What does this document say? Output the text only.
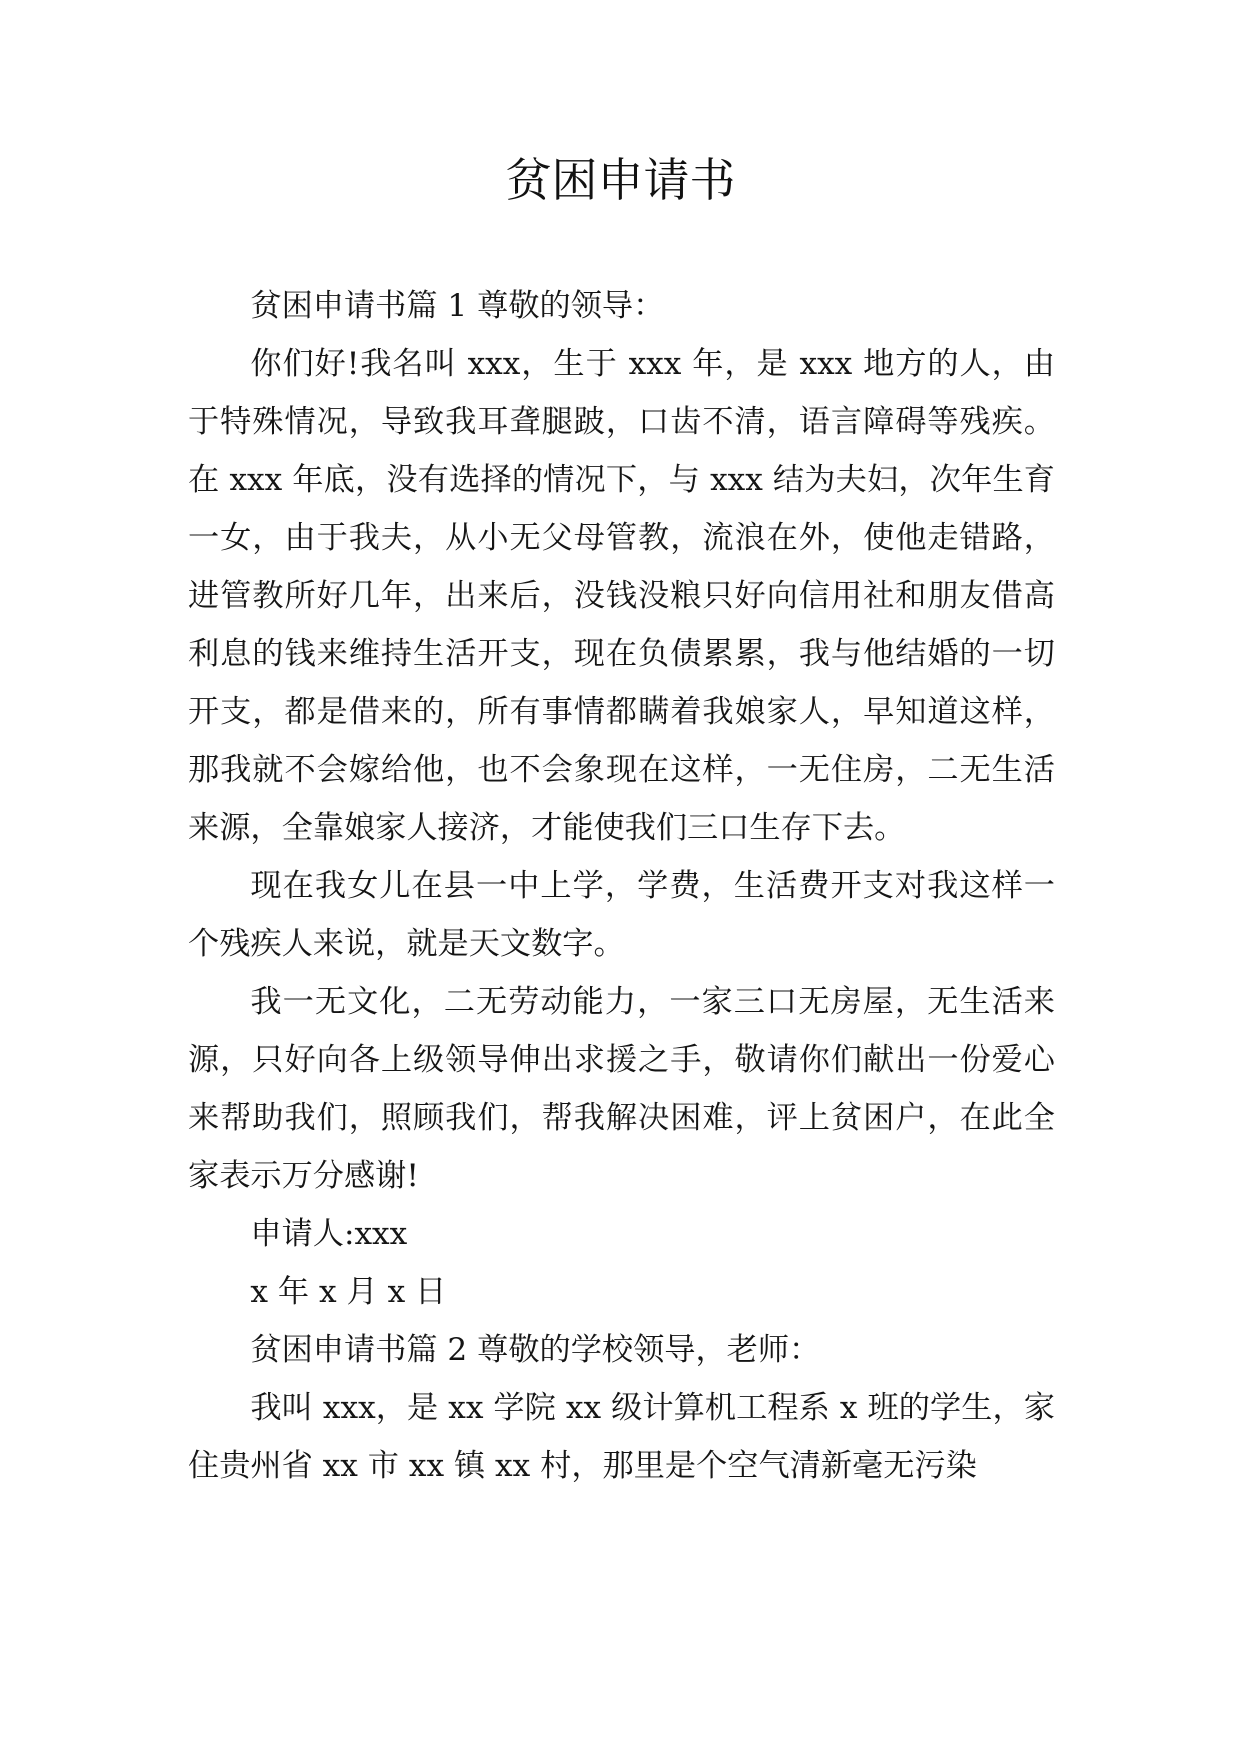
贫困申请书

贫困申请书篇 1 尊敬的领导：

你们好!我名叫 xxx，生于 xxx 年，是 xxx 地方的人，由于特殊情况，导致我耳聋腿跛，口齿不清，语言障碍等残疾。在 xxx 年底，没有选择的情况下，与 xxx 结为夫妇，次年生育一女，由于我夫，从小无父母管教，流浪在外，使他走错路，进管教所好几年，出来后，没钱没粮只好向信用社和朋友借高利息的钱来维持生活开支，现在负债累累，我与他结婚的一切开支，都是借来的，所有事情都瞒着我娘家人，早知道这样，那我就不会嫁给他，也不会象现在这样，一无住房，二无生活来源，全靠娘家人接济，才能使我们三口生存下去。

现在我女儿在县一中上学，学费，生活费开支对我这样一个残疾人来说，就是天文数字。

我一无文化，二无劳动能力，一家三口无房屋，无生活来源，只好向各上级领导伸出求援之手，敬请你们献出一份爱心来帮助我们，照顾我们，帮我解决困难，评上贫困户，在此全家表示万分感谢!

申请人:xxx

x 年 x 月 x 日

贫困申请书篇 2 尊敬的学校领导，老师：

我叫 xxx，是 xx 学院 xx 级计算机工程系 x 班的学生，家住贵州省 xx 市 xx 镇 xx 村，那里是个空气清新毫无污染
